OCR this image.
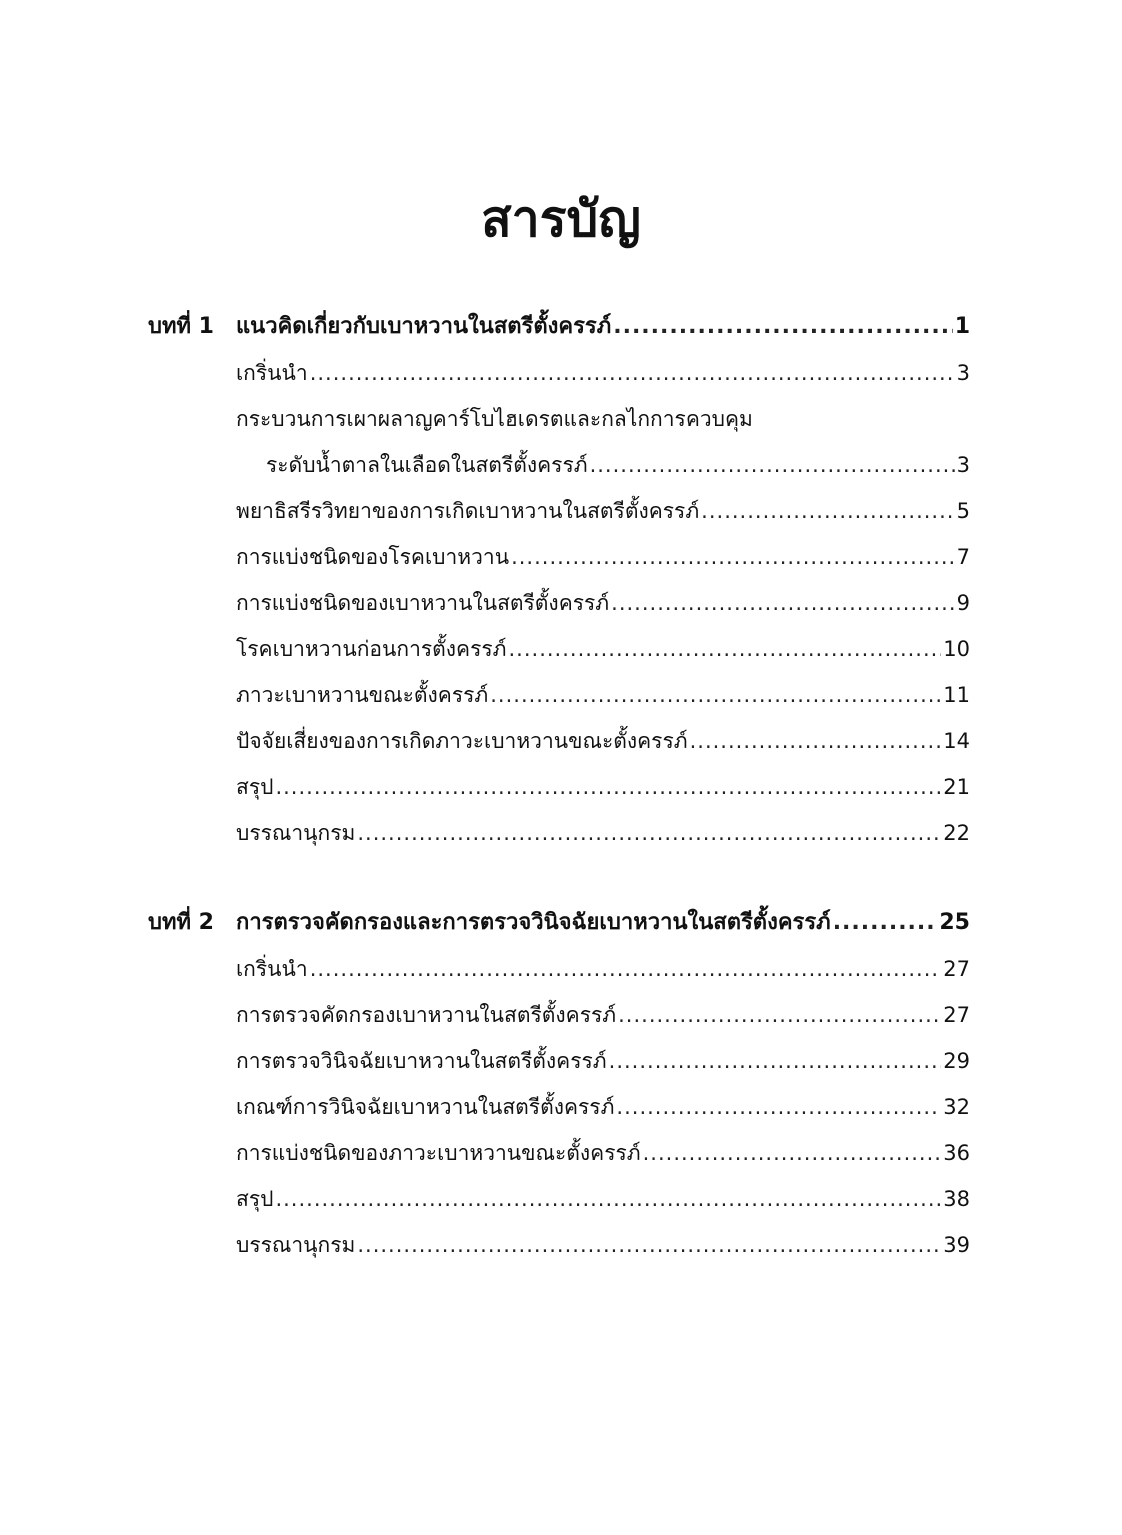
สารบัญ
บทที่ 1	แนวคิดเกี่ยวกับเบาหวานในสตรีตั้งครรภ์ .....	1
เกริ่นนำ .....	3
กระบวนการเผาผลาญคาร์โบไฮเดรตและกลไกการควบคุม
ระดับน้ำตาลในเลือดในสตรีตั้งครรภ์ .....	3
พยาธิสรีรวิทยาของการเกิดเบาหวานในสตรีตั้งครรภ์ .....	5
การแบ่งชนิดของโรคเบาหวาน .....	7
การแบ่งชนิดของเบาหวานในสตรีตั้งครรภ์ .....	9
โรคเบาหวานก่อนการตั้งครรภ์ .....	10
ภาวะเบาหวานขณะตั้งครรภ์ .....	11
ปัจจัยเสี่ยงของการเกิดภาวะเบาหวานขณะตั้งครรภ์ .....	14
สรุป .....	21
บรรณานุกรม .....	22
บทที่ 2	การตรวจคัดกรองและการตรวจวินิจฉัยเบาหวานในสตรีตั้งครรภ์ .....	25
เกริ่นนำ .....	27
การตรวจคัดกรองเบาหวานในสตรีตั้งครรภ์ .....	27
การตรวจวินิจฉัยเบาหวานในสตรีตั้งครรภ์ .....	29
เกณฑ์การวินิจฉัยเบาหวานในสตรีตั้งครรภ์ .....	32
การแบ่งชนิดของภาวะเบาหวานขณะตั้งครรภ์ .....	36
สรุป .....	38
บรรณานุกรม .....	39
